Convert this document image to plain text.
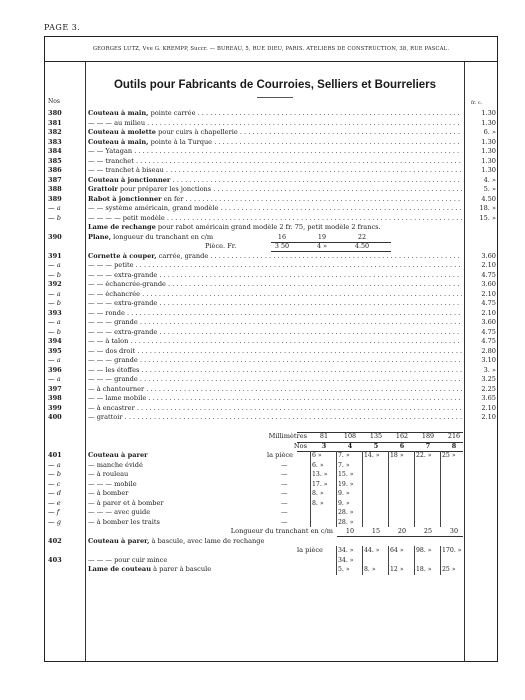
PAGE 3.
GEORGES LUTZ, Vve G. KREMPP, Succr. — BUREAU, 5, RUE DIEU, PARIS. ATELIERS DE CONSTRUCTION, 38, RUE PASCAL.
Outils pour Fabricants de Courroies, Selliers et Bourreliers
Nos	fr. c.
380	Couteau à main, pointe carrée . . .	1.30
381	— — — au milieu . . .	1.30
382	Couteau à molette pour cuirs à chapellerie . . .	6. »
383	Couteau à main, pointe à la Turque . . .	1.30
384	— — Yatagan . . .	1.30
385	— — tranchet . . .	1.30
386	— — tranchet à biseau . . .	1.30
387	Couteau à jonctionner . . .	4. »
388	Grattoir pour préparer les jonctions . . .	5. »
389	Rabot à jonctionner en fer . . .	4.50
— a	— — système américain, grand modèle . . .	18. »
— b	— — — — petit modèle . . .	15. »
Lame de rechange pour rabot américain grand modèle 2 fr. 75, petit modèle 2 francs.
390	Plane, longueur du tranchant en c/m	16	19	22
Pièce. Fr.	3 50	4 »	4.50
391	Cornette à couper, carrée, grande . . .	3.60
— a	— — — petite . . .	2.10
— b	— — — extra-grande . . .	4.75
392	— — échancrée-grande . . .	3.60
— a	— — échancrée . . .	2.10
— b	— — — extra-grande . . .	4.75
393	— — ronde . . .	2.10
— a	— — — grande . . .	3.60
— b	— — — extra-grande . . .	4.75
394	— — à talon . . .	4.75
395	— — dos droit . . .	2.80
— a	— — — grande . . .	3.10
396	— — les étoffes . . .	3. »
— a	— — — grande . . .	3.25
397	— à chantourner . . .	2.25
398	— — lame mobile . . .	3.65
399	— à encastrer . . .	2.10
400	— grattoir . . .	2.10
Millimètres	81	108	135	162	189	216
Nos	3	4	5	6	7	8
401	Couteau à parer	la pièce	6 »	7. »	14. »	18 »	22. »	25 »
— a	— manche évidé	—	6. »	7. »
— b	— à rouleau	—	13. »	15. »
— c	— — — mobile	—	17. »	19. »
— d	— à bomber	—	8. »	9. »
— e	— à parer et à bomber	—	8. »	9. »
— f	— — — avec guide	—	28. »
— g	— à bomber les traits	—	28. »
Longueur du tranchant en c/m	10	15	20	25	30
402	Couteau à parer, à bascule, avec lame de rechange
la pièce	34. »	44. »	64 »	98. »	170. »
403	— — — pour cuir mince	34. »
Lame de couteau à parer à bascule	5. »	8. »	12 »	18. »	25 »
